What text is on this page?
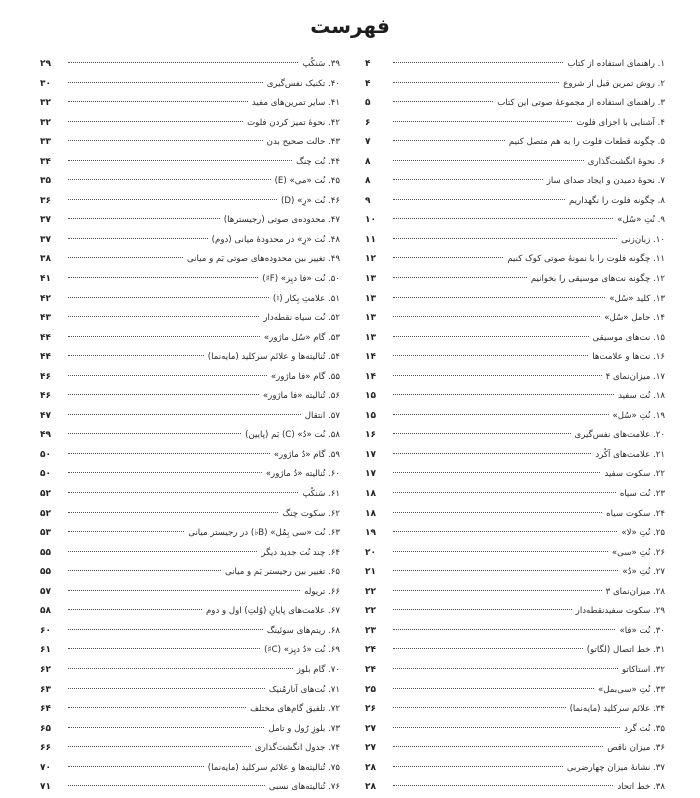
فهرست
۱. راهنمای استفاده از کتاب
۴
۲. روش تمرین قبل از شروع
۴
۳. راهنمای استفاده از مجموعهٔ صوتی این کتاب
۵
۴. آشنایی با اجزای فلوت
۶
۵. چگونه قطعات فلوت را به هم متصل کنیم
۷
۶. نحوهٔ انگشت‌گذاری
۸
۷. نحوهٔ دمیدن و ایجاد صدای ساز
۸
۸. چگونه فلوت را نگهداریم
۹
۹. نُتِ «سُل»
۱۰
۱۰. زبان‌زنی
۱۱
۱۱. چگونه فلوت را با نمونهٔ صوتی کوک کنیم
۱۲
۱۲. چگونه نت‌های موسیقی را بخوانیم
۱۳
۱۳. کلید «سُل»
۱۳
۱۴. حامل «سُل»
۱۳
۱۵. نت‌های موسیقی
۱۳
۱۶. نت‌ها و علامت‌ها
۱۴
۱۷. میزان‌نمای ۴
۱۴
۱۸. نُت سفید
۱۵
۱۹. نُتِ «سُل»
۱۵
۲۰. علامت‌های نفس‌گیری
۱۶
۲۱. علامت‌های آکُرد
۱۷
۲۲. سکوت سفید
۱۷
۲۳. نُت سیاه
۱۸
۲۴. سکوت سیاه
۱۸
۲۵. نُتِ «لا»
۱۹
۲۶. نُتِ «سی»
۲۰
۲۷. نُتِ «دُ»
۲۱
۲۸. میزان‌نمای ۳
۲۲
۲۹. سکوت سفیدنقطه‌دار
۲۲
۳۰. نُت «فا»
۲۳
۳۱. خط اتصال (لگاتو)
۲۴
۳۲. استاکاتو
۲۴
۳۳. نُتِ «سی‌بمل»
۲۵
۳۴. علائم سرکلید (مایه‌نما)
۲۶
۳۵. نُت گرد
۲۷
۳۶. میزان ناقص
۲۷
۳۷. نشانهٔ میزان چهارضربی
۲۸
۳۸. خط اتحاد
۲۸
۳۹. سَنکُپ
۲۹
۴۰. تکنیک نفس‌گیری
۳۰
۴۱. سایر تمرین‌های مفید
۳۲
۴۲. نحوهٔ تمیز کردن فلوت
۳۲
۴۳. حالت صحیح بدن
۳۳
۴۴. نُت چنگ
۳۴
۴۵. نُت «می» (E)
۳۵
۴۶. نُت «رِ» (D)
۳۶
۴۷. محدوده‌ی صوتی (رجیستر‌ها)
۳۷
۴۸. نُت «رِ» در محدودهٔ میانی (دوم)
۳۷
۴۹. تغییر بین محدوده‌های صوتی بَم و میانی
۳۸
۵۰. نُت «فا دیِز» (F♯)
۴۱
۵۱. علامتِ بِکار (♮)
۴۲
۵۲. نُت سیاه نقطه‌دار
۴۳
۵۳. گام «سُل ماژور»
۴۴
۵۴. تُنالیته‌ها و علائم سرکلید (مایه‌نما)
۴۴
۵۵. گام «فا ماژور»
۴۶
۵۶. تُنالیته «فا ماژور»
۴۶
۵۷. انتقال
۴۷
۵۸. نُت «دُ» (C) بَم (پایین)
۴۹
۵۹. گام «دُ ماژور»
۵۰
۶۰. تُنالیته «دُ ماژور»
۵۰
۶۱. سَنکُپ
۵۲
۶۲. سکوت چنگ
۵۲
۶۳. نُت «سی بِمُل» (B♭) در رجیستر میانی
۵۳
۶۴. چند نُت جدید دیگر
۵۵
۶۵. تغییر بین رجیستر بَم و میانی
۵۵
۶۶. تریوله
۵۷
۶۷. علامت‌های پایانِ (وُلتِ) اول و دوم
۵۸
۶۸. ریتم‌های سوئینگ
۶۰
۶۹. نُت «دُ دیِز» (C♯)
۶۱
۷۰. گام بلوز
۶۲
۷۱. نُت‌های آنارمُنیک
۶۳
۷۲. تلفیق گام‌های مختلف
۶۴
۷۳. بلوزِ رُول و تامل
۶۵
۷۴. جدول انگشت‌گذاری
۶۶
۷۵. تُنالیته‌ها و علائم سرکلید (مایه‌نما)
۷۰
۷۶. تُنالیته‌های نسبی
۷۱
